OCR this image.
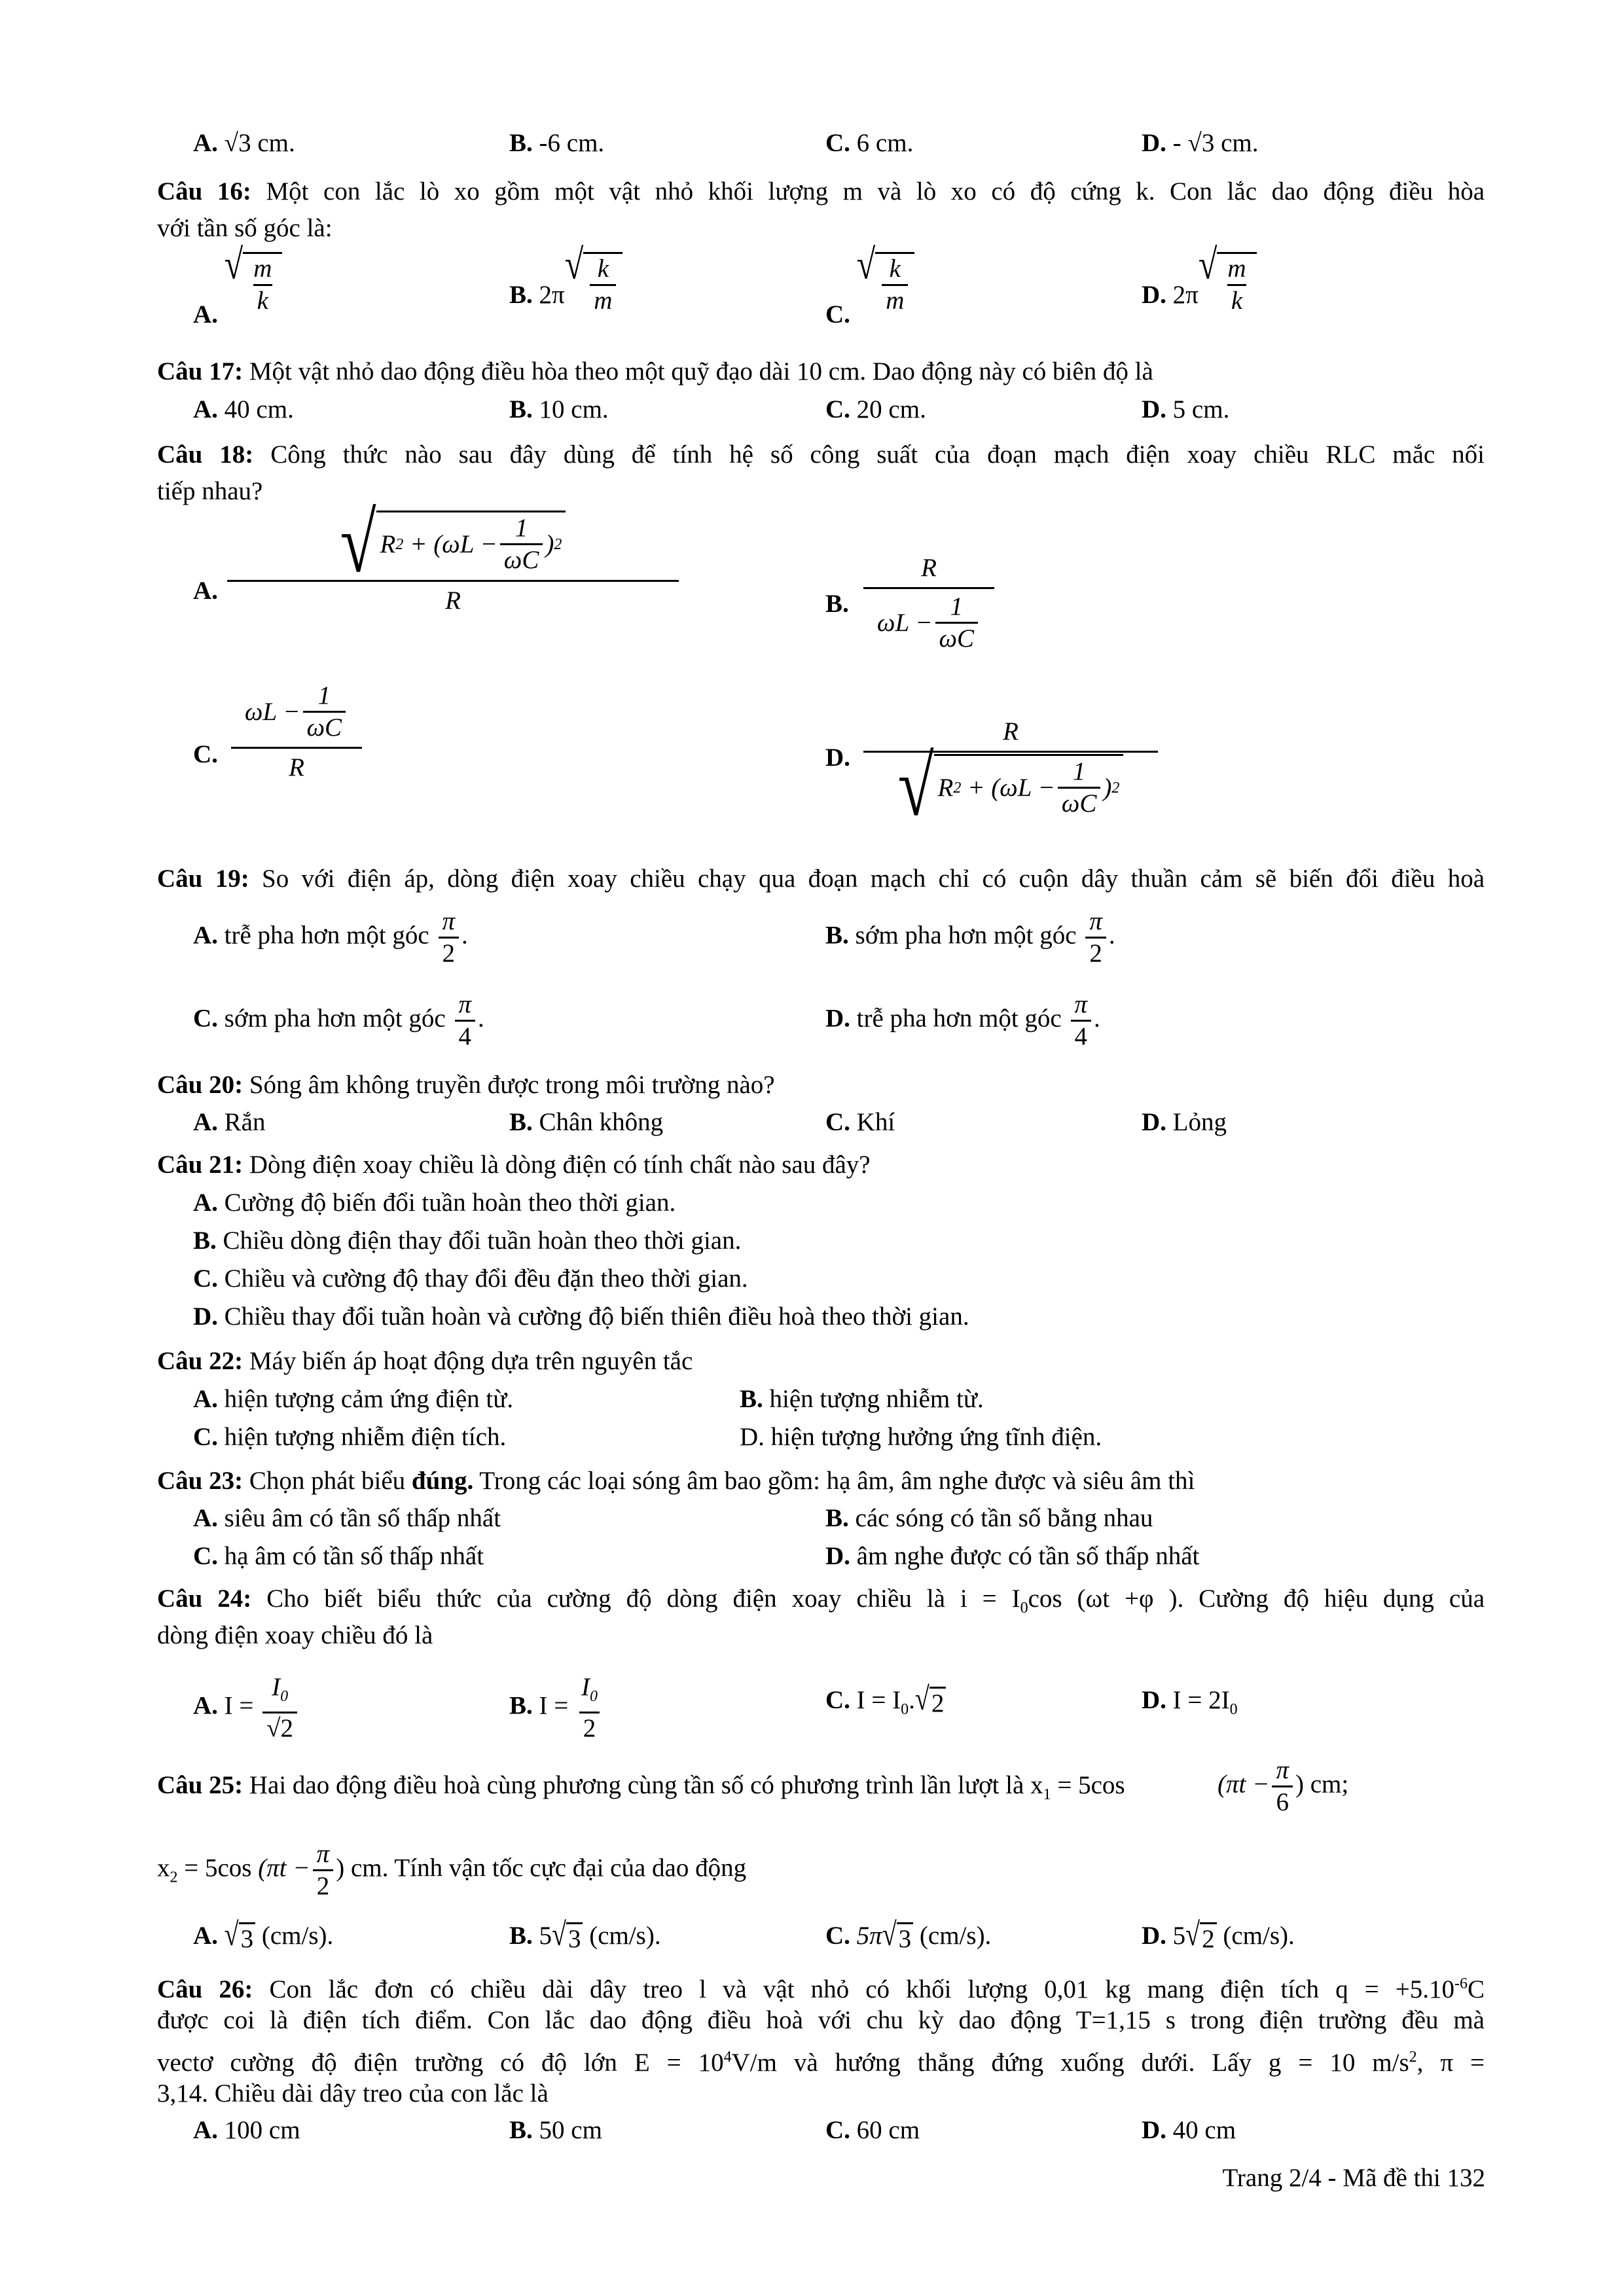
A. √3 cm.	B. -6 cm.	C. 6 cm.	D. - √3 cm.
Câu 16: Một con lắc lò xo gồm một vật nhỏ khối lượng m và lò xo có độ cứng k. Con lắc dao động điều hòa
với tần số góc là:
A.
√ $\frac{m}{k}$	B. 2π
√ $\frac{k}{m}$	C.
√ $\frac{k}{m}$	D. 2π
√ $\frac{m}{k}$
Câu 17: Một vật nhỏ dao động điều hòa theo một quỹ đạo dài 10 cm. Dao động này có biên độ là
A. 40 cm.	B. 10 cm.	C. 20 cm.	D. 5 cm.
Câu 18: Công thức nào sau đây dùng để tính hệ số công suất của đoạn mạch điện xoay chiều RLC mắc nối
tiếp nhau?
A.
√ R 2
+ ($\omega L - \frac{1}{\omega C}$ ) 2
R	B.
R
$\omega L - \frac{1}{\omega C}$
C.
$\omega L - \frac{1}{\omega C}$
R	D.
R
√ R 2
+ ($\omega L - \frac{1}{\omega C}$ ) 2
Câu 19: So với điện áp, dòng điện xoay chiều chạy qua đoạn mạch chỉ có cuộn dây thuần cảm sẽ biến đổi điều hoà
A. trễ pha hơn một góc $\frac{\pi}{2}$ .	B. sớm pha hơn một góc $\frac{\pi}{2}$ .
C. sớm pha hơn một góc $\frac{\pi}{4}$ .	D. trễ pha hơn một góc $\frac{\pi}{4}$ .
Câu 20: Sóng âm không truyền được trong môi trường nào?
A. Rắn	B. Chân không	C. Khí	D. Lỏng
Câu 21: Dòng điện xoay chiều là dòng điện có tính chất nào sau đây?
A. Cường độ biến đổi tuần hoàn theo thời gian.
B. Chiều dòng điện thay đổi tuần hoàn theo thời gian.
C. Chiều và cường độ thay đổi đều đặn theo thời gian.
D. Chiều thay đổi tuần hoàn và cường độ biến thiên điều hoà theo thời gian.
Câu 22: Máy biến áp hoạt động dựa trên nguyên tắc
A. hiện tượng cảm ứng điện từ.	B. hiện tượng nhiễm từ.
C. hiện tượng nhiễm điện tích.	D. hiện tượng hưởng ứng tĩnh điện.
Câu 23: Chọn phát biểu đúng. Trong các loại sóng âm bao gồm: hạ âm, âm nghe được và siêu âm thì
A. siêu âm có tần số thấp nhất	B. các sóng có tần số bằng nhau
C. hạ âm có tần số thấp nhất	D. âm nghe được có tần số thấp nhất
Câu 24: Cho biết biểu thức của cường độ dòng điện xoay chiều là $i = I_0\cos$ (ωt +φ ). Cường độ hiệu dụng của
dòng điện xoay chiều đó là
A. $I = \frac{I_0}{√2}$	B. $I = \frac{I_0}{2}$	C. $I = I_0$. √ 2	D. $I = 2I_0$
Câu 25: Hai dao động điều hoà cùng phương cùng tần số có phương trình lần lượt là $x_1 = 5\cos$	($\pi t - \frac{\pi}{6}$ ) cm;
$x_2 = 5\cos$ ($\pi t - \frac{\pi}{2}$ ) cm. Tính vận tốc cực đại của dao động
A. √ 3 (cm/s).	B. 5 √ 3 (cm/s).	C. 5π √ 3 (cm/s).	D. 5 √ 2 (cm/s).
Câu 26: Con lắc đơn có chiều dài dây treo l và vật nhỏ có khối lượng 0,01 kg mang điện tích $q = +5.10^{-6}C$
được coi là điện tích điểm. Con lắc dao động điều hoà với chu kỳ dao động T=1,15 s trong điện trường đều mà
vectơ cường độ điện trường có độ lớn $E = 10^4V/m$ và hướng thẳng đứng xuống dưới. Lấy g = 10 $m/s^2$, π =
3,14. Chiều dài dây treo của con lắc là
A. 100 cm	B. 50 cm	C. 60 cm	D. 40 cm
Trang 2/4 - Mã đề thi 132
